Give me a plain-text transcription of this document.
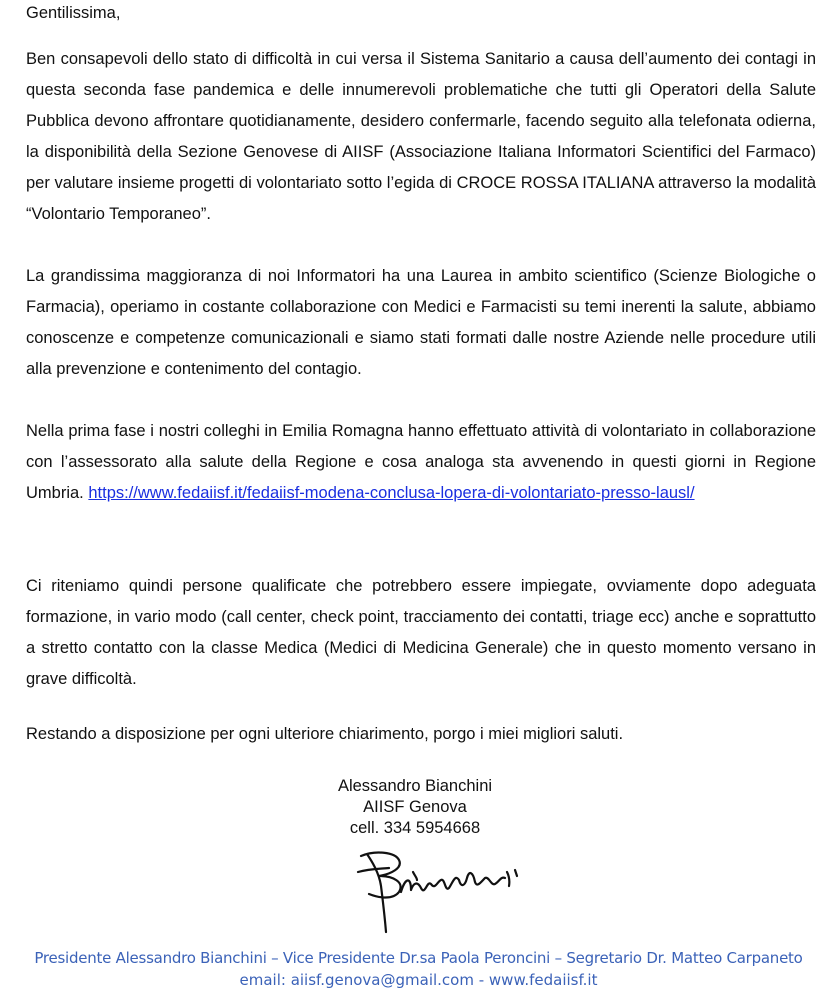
Gentilissima,
Ben consapevoli dello stato di difficoltà in cui versa il Sistema Sanitario a causa dell’aumento dei contagi in questa seconda fase pandemica e delle innumerevoli problematiche che tutti gli Operatori della Salute Pubblica devono affrontare quotidianamente, desidero confermarle, facendo seguito alla telefonata odierna, la disponibilità della Sezione Genovese di AIISF (Associazione Italiana Informatori Scientifici del Farmaco) per valutare insieme progetti di volontariato sotto l’egida di CROCE ROSSA ITALIANA attraverso la modalità “Volontario Temporaneo”.
La grandissima maggioranza di noi Informatori ha una Laurea in ambito scientifico (Scienze Biologiche o Farmacia), operiamo in costante collaborazione con Medici e Farmacisti su temi inerenti la salute, abbiamo conoscenze e competenze comunicazionali e siamo stati formati dalle nostre Aziende nelle procedure utili alla prevenzione e contenimento del contagio.
Nella prima fase i nostri colleghi in Emilia Romagna hanno effettuato attività di volontariato in collaborazione con l’assessorato alla salute della Regione e cosa analoga sta avvenendo in questi giorni in Regione Umbria. https://www.fedaiisf.it/fedaiisf-modena-conclusa-lopera-di-volontariato-presso-lausl/
Ci riteniamo quindi persone qualificate che potrebbero essere impiegate, ovviamente dopo adeguata formazione, in vario modo (call center, check point, tracciamento dei contatti, triage ecc) anche e soprattutto a stretto contatto con la classe Medica (Medici di Medicina Generale) che in questo momento versano in grave difficoltà.
Restando a disposizione per ogni ulteriore chiarimento, porgo i miei migliori saluti.
Alessandro Bianchini
AIISF Genova
cell. 334 5954668
Presidente Alessandro Bianchini – Vice Presidente Dr.sa Paola Peroncini – Segretario Dr. Matteo Carpaneto
email: aiisf.genova@gmail.com - www.fedaiisf.it
